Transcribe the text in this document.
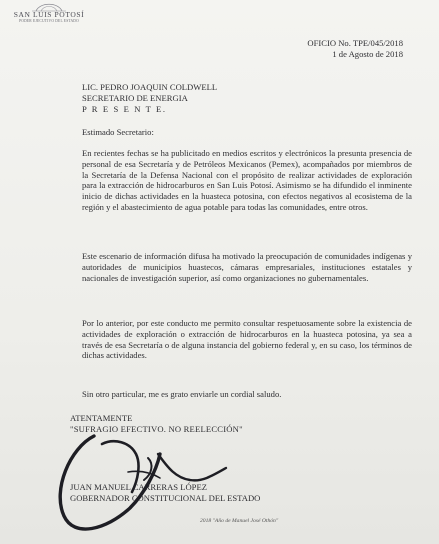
SAN LUIS POTOSÍ
PODER EJECUTIVO DEL ESTADO
OFICIO No. TPE/045/2018
1 de Agosto de 2018
LIC. PEDRO JOAQUIN COLDWELL
SECRETARIO DE ENERGIA
P R E S E N T E.
Estimado Secretario:

En recientes fechas se ha publicitado en medios escritos y electrónicos la presunta presencia de personal de esa Secretaría y de Petróleos Mexicanos (Pemex), acompañados por miembros de la Secretaría de la Defensa Nacional con el propósito de realizar actividades de exploración para la extracción de hidrocarburos en San Luis Potosí. Asimismo se ha difundido el inminente inicio de dichas actividades en la huasteca potosina, con efectos negativos al ecosistema de la región y el abastecimiento de agua potable para todas las comunidades, entre otros.

Este escenario de información difusa ha motivado la preocupación de comunidades indígenas y autoridades de municipios huastecos, cámaras empresariales, instituciones estatales y nacionales de investigación superior, así como organizaciones no gubernamentales.

Por lo anterior, por este conducto me permito consultar respetuosamente sobre la existencia de actividades de exploración o extracción de hidrocarburos en la huasteca potosina, ya sea a través de esa Secretaría o de alguna instancia del gobierno federal y, en su caso, los términos de dichas actividades.

Sin otro particular, me es grato enviarle un cordial saludo.

ATENTAMENTE
"SUFRAGIO EFECTIVO. NO REELECCIÓN"
JUAN MANUEL CARRERAS LÓPEZ
GOBERNADOR CONSTITUCIONAL DEL ESTADO
2018 "Año de Manuel José Othón"
